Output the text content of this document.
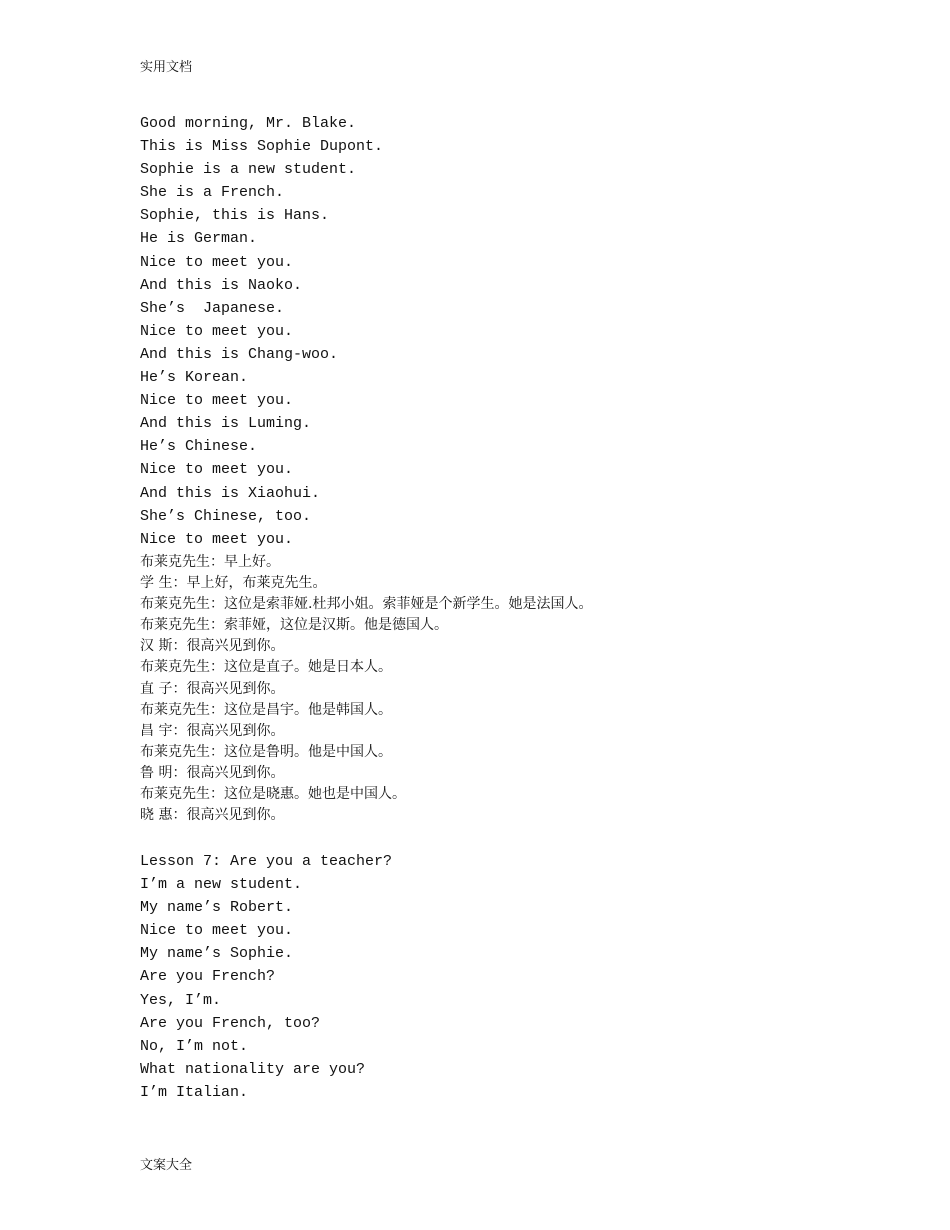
实用文档
Good morning, Mr. Blake.
This is Miss Sophie Dupont.
Sophie is a new student.
She is a French.
Sophie, this is Hans.
He is German.
Nice to meet you.
And this is Naoko.
She’s  Japanese.
Nice to meet you.
And this is Chang-woo.
He’s Korean.
Nice to meet you.
And this is Luming.
He’s Chinese.
Nice to meet you.
And this is Xiaohui.
She’s Chinese, too.
Nice to meet you.
布莱克先生：早上好。
学 生：早上好，布莱克先生。
布莱克先生：这位是索菲娅.杜邦小姐。索菲娅是个新学生。她是法国人。
布莱克先生：索菲娅，这位是汉斯。他是德国人。
汉 斯：很高兴见到你。
布莱克先生：这位是直子。她是日本人。
直 子：很高兴见到你。
布莱克先生：这位是昌宇。他是韩国人。
昌 宇：很高兴见到你。
布莱克先生：这位是鲁明。他是中国人。
鲁 明：很高兴见到你。
布莱克先生：这位是晓惠。她也是中国人。
晓 惠：很高兴见到你。
Lesson 7: Are you a teacher?
I’m a new student.
My name’s Robert.
Nice to meet you.
My name’s Sophie.
Are you French?
Yes, I’m.
Are you French, too?
No, I’m not.
What nationality are you?
I’m Italian.
文案大全
